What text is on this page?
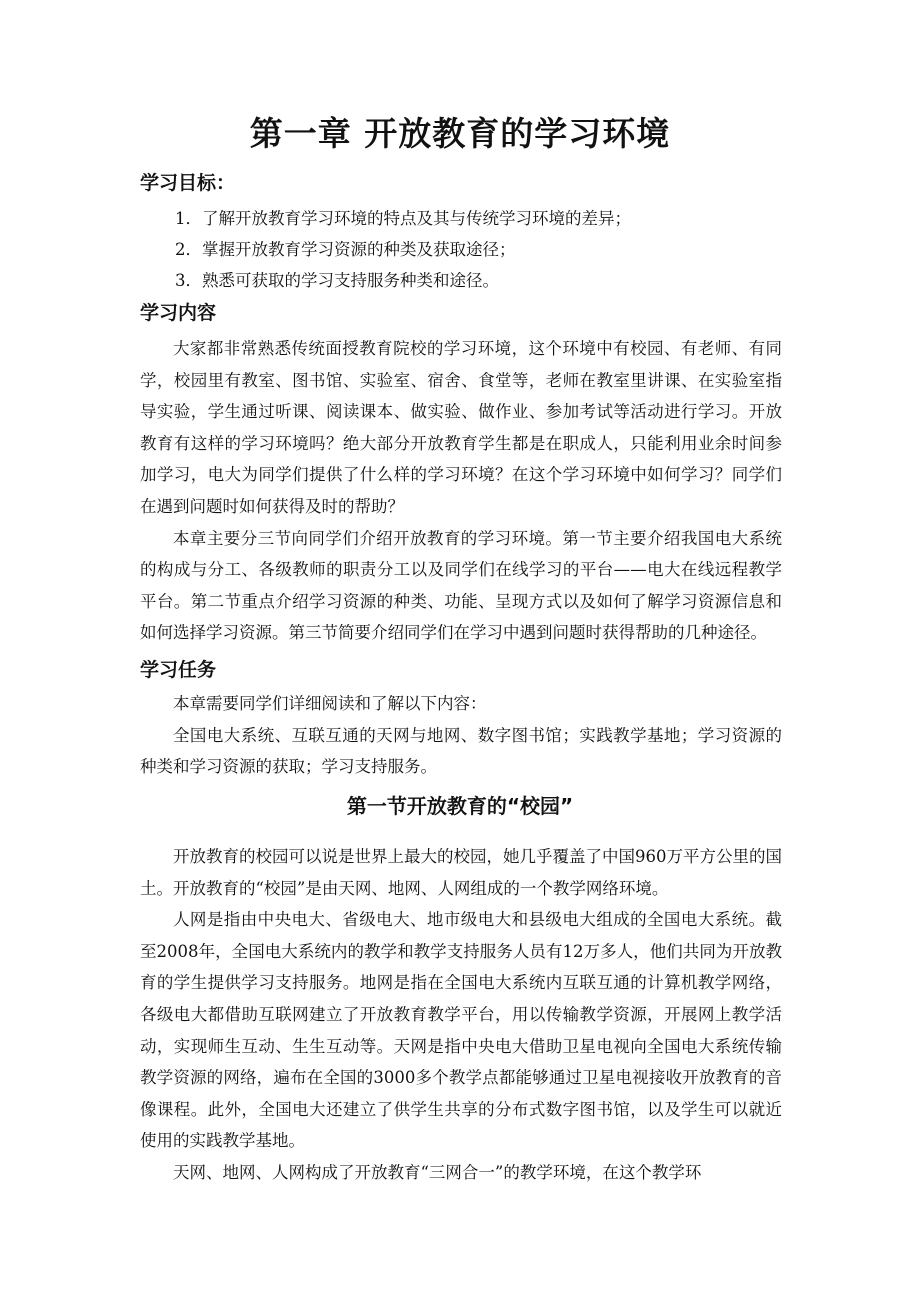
第一章 开放教育的学习环境
学习目标：
1．了解开放教育学习环境的特点及其与传统学习环境的差异；
2．掌握开放教育学习资源的种类及获取途径；
3．熟悉可获取的学习支持服务种类和途径。
学习内容

大家都非常熟悉传统面授教育院校的学习环境，这个环境中有校园、有老师、有同学，校园里有教室、图书馆、实验室、宿舍、食堂等，老师在教室里讲课、在实验室指导实验，学生通过听课、阅读课本、做实验、做作业、参加考试等活动进行学习。开放教育有这样的学习环境吗？绝大部分开放教育学生都是在职成人，只能利用业余时间参加学习，电大为同学们提供了什么样的学习环境？在这个学习环境中如何学习？同学们在遇到问题时如何获得及时的帮助？

本章主要分三节向同学们介绍开放教育的学习环境。第一节主要介绍我国电大系统的构成与分工、各级教师的职责分工以及同学们在线学习的平台——电大在线远程教学平台。第二节重点介绍学习资源的种类、功能、呈现方式以及如何了解学习资源信息和如何选择学习资源。第三节简要介绍同学们在学习中遇到问题时获得帮助的几种途径。

学习任务

本章需要同学们详细阅读和了解以下内容：

全国电大系统、互联互通的天网与地网、数字图书馆；实践教学基地；学习资源的种类和学习资源的获取；学习支持服务。

第一节开放教育的“校园”

开放教育的校园可以说是世界上最大的校园，她几乎覆盖了中国960万平方公里的国土。开放教育的“校园”是由天网、地网、人网组成的一个教学网络环境。

人网是指由中央电大、省级电大、地市级电大和县级电大组成的全国电大系统。截至2008年，全国电大系统内的教学和教学支持服务人员有12万多人，他们共同为开放教育的学生提供学习支持服务。地网是指在全国电大系统内互联互通的计算机教学网络，各级电大都借助互联网建立了开放教育教学平台，用以传输教学资源，开展网上教学活动，实现师生互动、生生互动等。天网是指中央电大借助卫星电视向全国电大系统传输教学资源的网络，遍布在全国的3000多个教学点都能够通过卫星电视接收开放教育的音像课程。此外，全国电大还建立了供学生共享的分布式数字图书馆，以及学生可以就近使用的实践教学基地。

天网、地网、人网构成了开放教育“三网合一”的教学环境，在这个教学环
